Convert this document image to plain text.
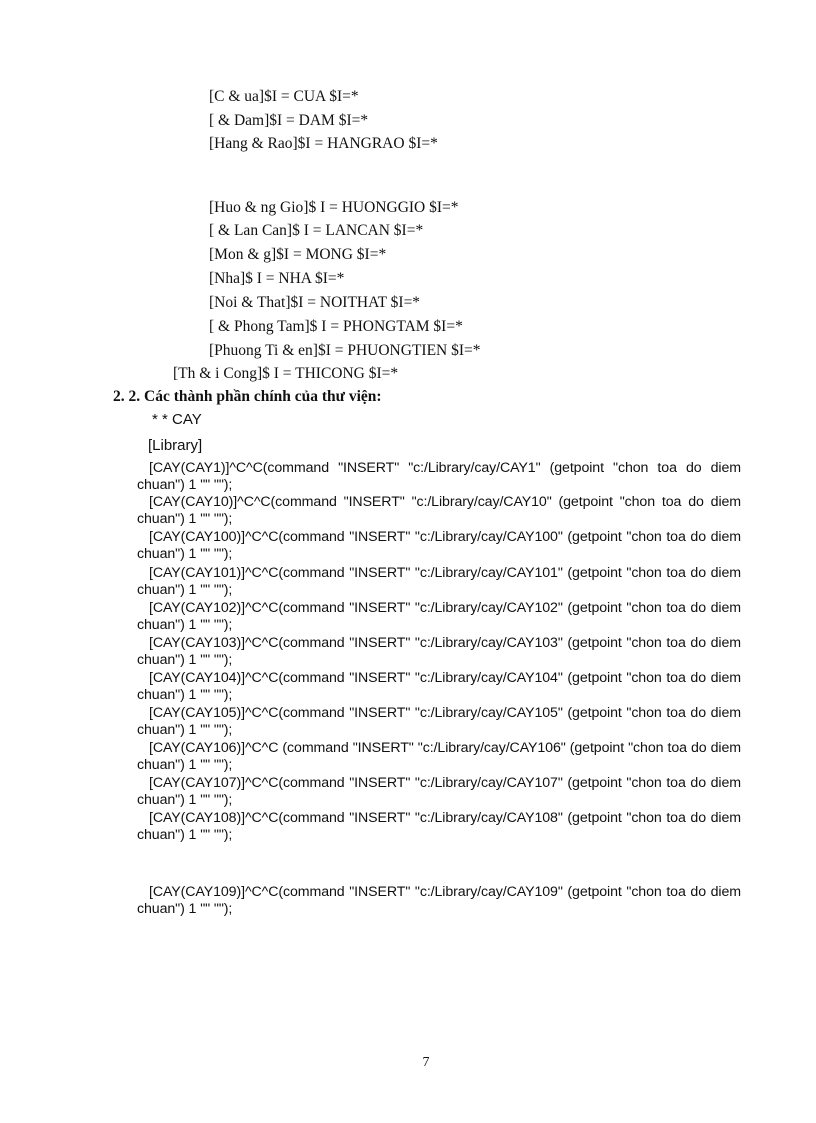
[C & ua]$I = CUA $I=*
[ & Dam]$I = DAM $I=*
[Hang & Rao]$I = HANGRAO $I=*
[Huo & ng Gio]$ I = HUONGGIO $I=*
[ & Lan Can]$ I = LANCAN $I=*
[Mon & g]$I = MONG $I=*
[Nha]$ I = NHA $I=*
[Noi & That]$I = NOITHAT $I=*
[ & Phong Tam]$ I = PHONGTAM $I=*
[Phuong Ti & en]$I = PHUONGTIEN $I=*
[Th & i Cong]$ I = THICONG $I=*
2. 2. Các thành phần chính của thư viện:
* * CAY
[Library]
[CAY(CAY1)]^C^C(command "INSERT" "c:/Library/cay/CAY1" (getpoint "chon toa do diem chuan") 1 "" "");
[CAY(CAY10)]^C^C(command "INSERT" "c:/Library/cay/CAY10" (getpoint "chon toa do diem chuan") 1 "" "");
[CAY(CAY100)]^C^C(command "INSERT" "c:/Library/cay/CAY100" (getpoint "chon toa do diem chuan") 1 "" "");
[CAY(CAY101)]^C^C(command "INSERT" "c:/Library/cay/CAY101" (getpoint "chon toa do diem chuan") 1 "" "");
[CAY(CAY102)]^C^C(command "INSERT" "c:/Library/cay/CAY102" (getpoint "chon toa do diem chuan") 1 "" "");
[CAY(CAY103)]^C^C(command "INSERT" "c:/Library/cay/CAY103" (getpoint "chon toa do diem chuan") 1 "" "");
[CAY(CAY104)]^C^C(command "INSERT" "c:/Library/cay/CAY104" (getpoint "chon toa do diem chuan") 1 "" "");
[CAY(CAY105)]^C^C(command "INSERT" "c:/Library/cay/CAY105" (getpoint "chon toa do diem chuan") 1 "" "");
[CAY(CAY106)]^C^C (command "INSERT" "c:/Library/cay/CAY106" (getpoint "chon toa do diem chuan") 1 "" "");
[CAY(CAY107)]^C^C(command "INSERT" "c:/Library/cay/CAY107" (getpoint "chon toa do diem chuan") 1 "" "");
[CAY(CAY108)]^C^C(command "INSERT" "c:/Library/cay/CAY108" (getpoint "chon toa do diem chuan") 1 "" "");
[CAY(CAY109)]^C^C(command "INSERT" "c:/Library/cay/CAY109" (getpoint "chon toa do diem chuan") 1 "" "");
7
